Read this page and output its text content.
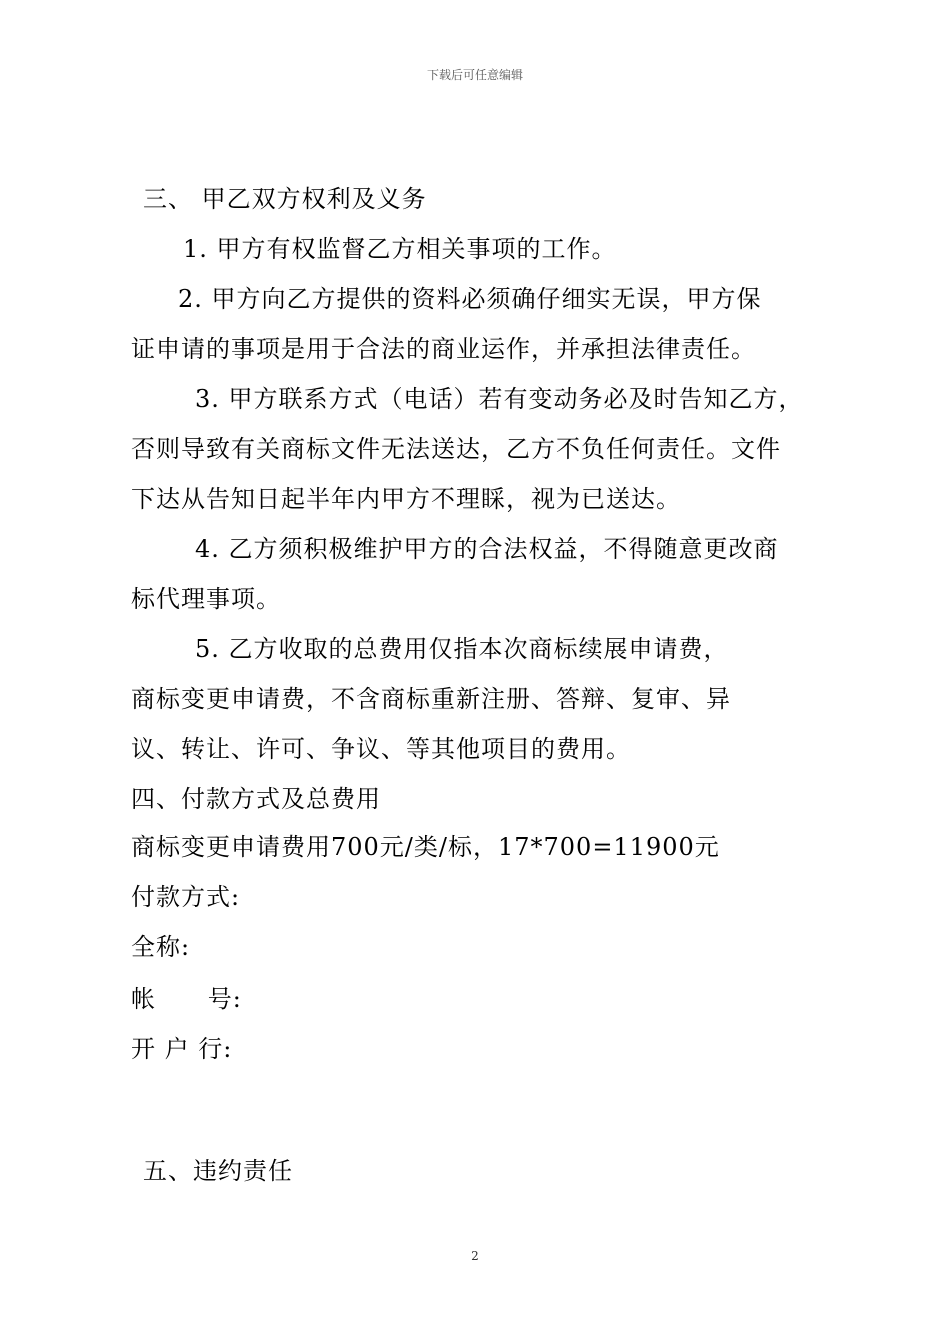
下载后可任意编辑
三、 甲乙双方权利及义务
1. 甲方有权监督乙方相关事项的工作。
2. 甲方向乙方提供的资料必须确仔细实无误，甲方保
证申请的事项是用于合法的商业运作，并承担法律责任。
3. 甲方联系方式（电话）若有变动务必及时告知乙方，
否则导致有关商标文件无法送达，乙方不负任何责任。文件
下达从告知日起半年内甲方不理睬，视为已送达。
4. 乙方须积极维护甲方的合法权益，不得随意更改商
标代理事项。
5. 乙方收取的总费用仅指本次商标续展申请费，
商标变更申请费，不含商标重新注册、答辩、复审、异
议、转让、许可、争议、等其他项目的费用。
四、付款方式及总费用
商标变更申请费用700元/类/标，17*700=11900元
付款方式:
全称:
帐      号:
开 户 行:
五、违约责任
2
